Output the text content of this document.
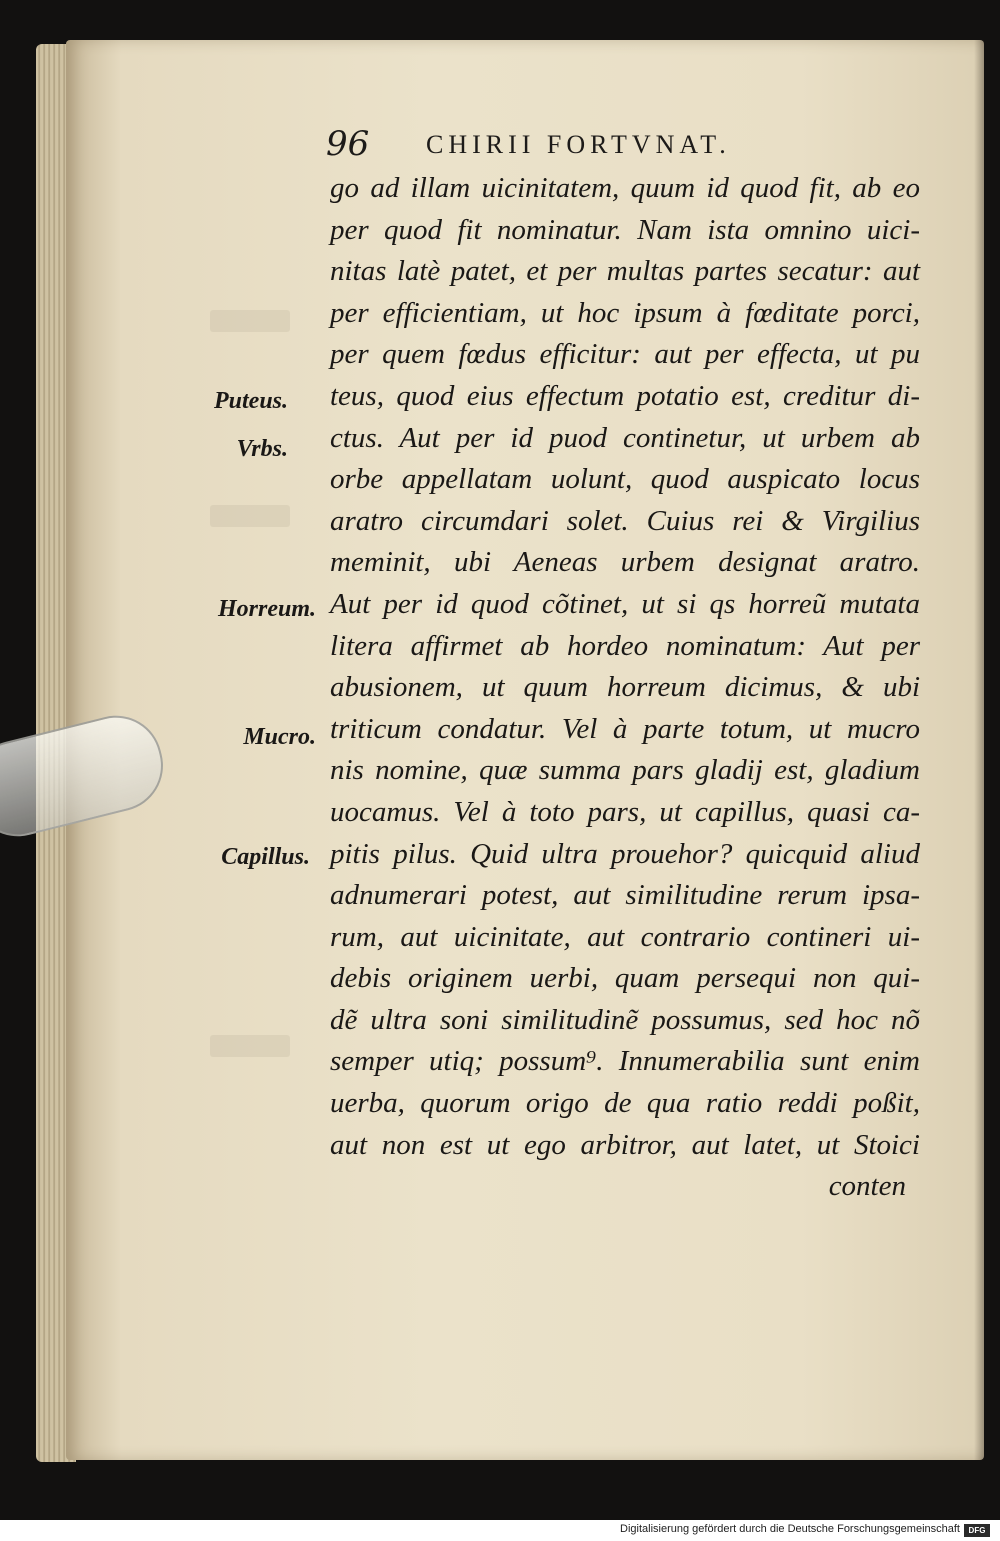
96 CHIRII FORTVNAT.
Puteus.
Vrbs.
Horreum.
Mucro.
Capillus.
go ad illam uicinitatem, quum id quod fit, ab eo
per quod fit nominatur. Nam ista omnino uici-
nitas latè patet, et per multas partes secatur: aut
per efficientiam, ut hoc ipsum à fœditate porci,
per quem fœdus efficitur: aut per effecta, ut pu
teus, quod eius effectum potatio est, creditur di-
ctus. Aut per id puod continetur, ut urbem ab
orbe appellatam uolunt, quod auspicato locus
aratro circumdari solet. Cuius rei & Virgilius
meminit, ubi Aeneas urbem designat aratro.
Aut per id quod cõtinet, ut si qs horreũ mutata
litera affirmet ab hordeo nominatum: Aut per
abusionem, ut quum horreum dicimus, & ubi
triticum condatur. Vel à parte totum, ut mucro
nis nomine, quæ summa pars gladij est, gladium
uocamus. Vel à toto pars, ut capillus, quasi ca-
pitis pilus. Quid ultra prouehor? quicquid aliud
adnumerari potest, aut similitudine rerum ipsa-
rum, aut uicinitate, aut contrario contineri ui-
debis originem uerbi, quam persequi non qui-
dẽ ultra soni similitudinẽ possumus, sed hoc nõ
semper utiq; possum⁹. Innumerabilia sunt enim
uerba, quorum origo de qua ratio reddi poßit,
aut non est ut ego arbitror, aut latet, ut Stoici
conten
Digitalisierung gefördert durch die Deutsche Forschungsgemeinschaft	DFG
